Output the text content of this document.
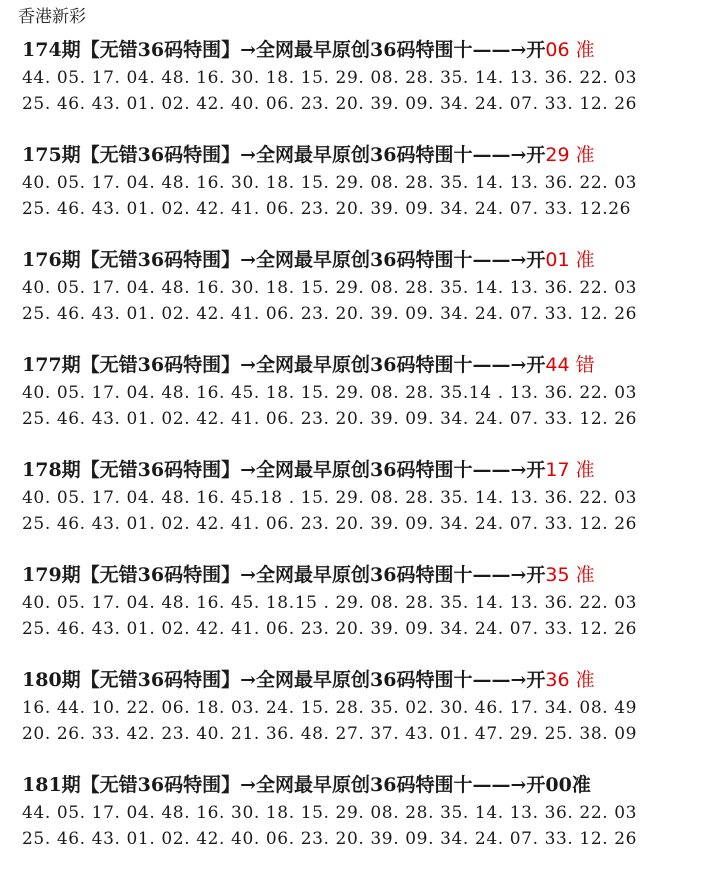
香港新彩
174期【无错36码特围】→全网最早原创36码特围十——→开06 准
44. 05. 17. 04. 48. 16. 30. 18. 15. 29. 08. 28. 35. 14. 13. 36. 22. 03
25. 46. 43. 01. 02. 42. 40. 06. 23. 20. 39. 09. 34. 24. 07. 33. 12. 26
175期【无错36码特围】→全网最早原创36码特围十——→开29 准
40. 05. 17. 04. 48. 16. 30. 18. 15. 29. 08. 28. 35. 14. 13. 36. 22. 03
25. 46. 43. 01. 02. 42. 41. 06. 23. 20. 39. 09. 34. 24. 07. 33. 12.26
176期【无错36码特围】→全网最早原创36码特围十——→开01 准
40. 05. 17. 04. 48. 16. 30. 18. 15. 29. 08. 28. 35. 14. 13. 36. 22. 03
25. 46. 43. 01. 02. 42. 41. 06. 23. 20. 39. 09. 34. 24. 07. 33. 12. 26
177期【无错36码特围】→全网最早原创36码特围十——→开44 错
40. 05. 17. 04. 48. 16. 45. 18. 15. 29. 08. 28. 35.14 . 13. 36. 22. 03
25. 46. 43. 01. 02. 42. 41. 06. 23. 20. 39. 09. 34. 24. 07. 33. 12. 26
178期【无错36码特围】→全网最早原创36码特围十——→开17 准
40. 05. 17. 04. 48. 16. 45.18 . 15. 29. 08. 28. 35. 14. 13. 36. 22. 03
25. 46. 43. 01. 02. 42. 41. 06. 23. 20. 39. 09. 34. 24. 07. 33. 12. 26
179期【无错36码特围】→全网最早原创36码特围十——→开35 准
40. 05. 17. 04. 48. 16. 45. 18.15 . 29. 08. 28. 35. 14. 13. 36. 22. 03
25. 46. 43. 01. 02. 42. 41. 06. 23. 20. 39. 09. 34. 24. 07. 33. 12. 26
180期【无错36码特围】→全网最早原创36码特围十——→开36 准
16. 44. 10. 22. 06. 18. 03. 24. 15. 28. 35. 02. 30. 46. 17. 34. 08. 49
20. 26. 33. 42. 23. 40. 21. 36. 48. 27. 37. 43. 01. 47. 29. 25. 38. 09
181期【无错36码特围】→全网最早原创36码特围十——→开00准
44. 05. 17. 04. 48. 16. 30. 18. 15. 29. 08. 28. 35. 14. 13. 36. 22. 03
25. 46. 43. 01. 02. 42. 40. 06. 23. 20. 39. 09. 34. 24. 07. 33. 12. 26
